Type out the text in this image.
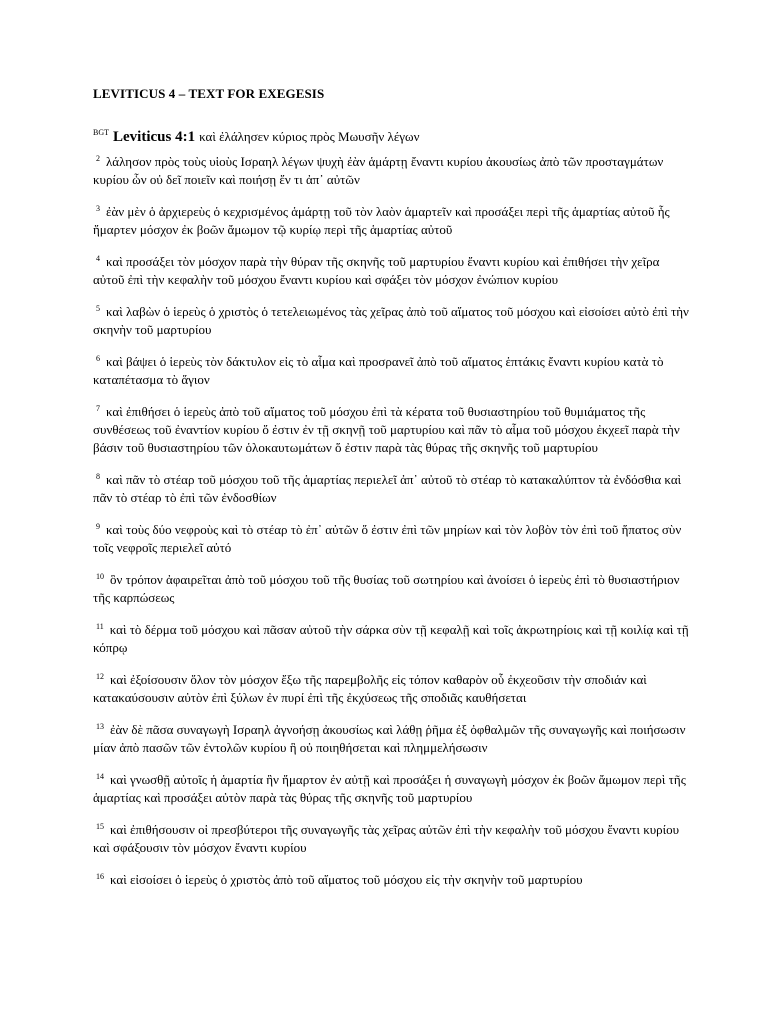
LEVITICUS 4 – TEXT FOR EXEGESIS
$^{BGT}$ Leviticus 4:1 καὶ ἐλάλησεν κύριος πρὸς Μωυσῆν λέγων

$^2$ λάλησον πρὸς τοὺς υἱοὺς Ισραηλ λέγων ψυχὴ ἐὰν ἁμάρτῃ ἔναντι κυρίου ἀκουσίως ἀπὸ τῶν προσταγμάτων κυρίου ὧν οὐ δεῖ ποιεῖν καὶ ποιήσῃ ἕν τι ἀπ᾽ αὐτῶν

$^3$ ἐὰν μὲν ὁ ἀρχιερεὺς ὁ κεχρισμένος ἁμάρτῃ τοῦ τὸν λαὸν ἁμαρτεῖν καὶ προσάξει περὶ τῆς ἁμαρτίας αὐτοῦ ἧς ἥμαρτεν μόσχον ἐκ βοῶν ἄμωμον τῷ κυρίῳ περὶ τῆς ἁμαρτίας αὐτοῦ

$^4$ καὶ προσάξει τὸν μόσχον παρὰ τὴν θύραν τῆς σκηνῆς τοῦ μαρτυρίου ἔναντι κυρίου καὶ ἐπιθήσει τὴν χεῖρα αὐτοῦ ἐπὶ τὴν κεφαλὴν τοῦ μόσχου ἔναντι κυρίου καὶ σφάξει τὸν μόσχον ἐνώπιον κυρίου

$^5$ καὶ λαβὼν ὁ ἱερεὺς ὁ χριστὸς ὁ τετελειωμένος τὰς χεῖρας ἀπὸ τοῦ αἵματος τοῦ μόσχου καὶ εἰσοίσει αὐτὸ ἐπὶ τὴν σκηνὴν τοῦ μαρτυρίου

$^6$ καὶ βάψει ὁ ἱερεὺς τὸν δάκτυλον εἰς τὸ αἷμα καὶ προσρανεῖ ἀπὸ τοῦ αἵματος ἑπτάκις ἔναντι κυρίου κατὰ τὸ καταπέτασμα τὸ ἅγιον

$^7$ καὶ ἐπιθήσει ὁ ἱερεὺς ἀπὸ τοῦ αἵματος τοῦ μόσχου ἐπὶ τὰ κέρατα τοῦ θυσιαστηρίου τοῦ θυμιάματος τῆς συνθέσεως τοῦ ἐναντίον κυρίου ὅ ἐστιν ἐν τῇ σκηνῇ τοῦ μαρτυρίου καὶ πᾶν τὸ αἷμα τοῦ μόσχου ἐκχεεῖ παρὰ τὴν βάσιν τοῦ θυσιαστηρίου τῶν ὁλοκαυτωμάτων ὅ ἐστιν παρὰ τὰς θύρας τῆς σκηνῆς τοῦ μαρτυρίου

$^8$ καὶ πᾶν τὸ στέαρ τοῦ μόσχου τοῦ τῆς ἁμαρτίας περιελεῖ ἀπ᾽ αὐτοῦ τὸ στέαρ τὸ κατακαλύπτον τὰ ἐνδόσθια καὶ πᾶν τὸ στέαρ τὸ ἐπὶ τῶν ἐνδοσθίων

$^9$ καὶ τοὺς δύο νεφροὺς καὶ τὸ στέαρ τὸ ἐπ᾽ αὐτῶν ὅ ἐστιν ἐπὶ τῶν μηρίων καὶ τὸν λοβὸν τὸν ἐπὶ τοῦ ἥπατος σὺν τοῖς νεφροῖς περιελεῖ αὐτό

$^{10}$ ὃν τρόπον ἀφαιρεῖται ἀπὸ τοῦ μόσχου τοῦ τῆς θυσίας τοῦ σωτηρίου καὶ ἀνοίσει ὁ ἱερεὺς ἐπὶ τὸ θυσιαστήριον τῆς καρπώσεως

$^{11}$ καὶ τὸ δέρμα τοῦ μόσχου καὶ πᾶσαν αὐτοῦ τὴν σάρκα σὺν τῇ κεφαλῇ καὶ τοῖς ἀκρωτηρίοις καὶ τῇ κοιλίᾳ καὶ τῇ κόπρῳ

$^{12}$ καὶ ἐξοίσουσιν ὅλον τὸν μόσχον ἔξω τῆς παρεμβολῆς εἰς τόπον καθαρὸν οὗ ἐκχεοῦσιν τὴν σποδιάν καὶ κατακαύσουσιν αὐτὸν ἐπὶ ξύλων ἐν πυρί ἐπὶ τῆς ἐκχύσεως τῆς σποδιᾶς καυθήσεται

$^{13}$ ἐὰν δὲ πᾶσα συναγωγὴ Ισραηλ ἀγνοήσῃ ἀκουσίως καὶ λάθῃ ῥῆμα ἐξ ὀφθαλμῶν τῆς συναγωγῆς καὶ ποιήσωσιν μίαν ἀπὸ πασῶν τῶν ἐντολῶν κυρίου ἣ οὐ ποιηθήσεται καὶ πλημμελήσωσιν

$^{14}$ καὶ γνωσθῇ αὐτοῖς ἡ ἁμαρτία ἣν ἥμαρτον ἐν αὐτῇ καὶ προσάξει ἡ συναγωγὴ μόσχον ἐκ βοῶν ἄμωμον περὶ τῆς ἁμαρτίας καὶ προσάξει αὐτὸν παρὰ τὰς θύρας τῆς σκηνῆς τοῦ μαρτυρίου

$^{15}$ καὶ ἐπιθήσουσιν οἱ πρεσβύτεροι τῆς συναγωγῆς τὰς χεῖρας αὐτῶν ἐπὶ τὴν κεφαλὴν τοῦ μόσχου ἔναντι κυρίου καὶ σφάξουσιν τὸν μόσχον ἔναντι κυρίου

$^{16}$ καὶ εἰσοίσει ὁ ἱερεὺς ὁ χριστὸς ἀπὸ τοῦ αἵματος τοῦ μόσχου εἰς τὴν σκηνὴν τοῦ μαρτυρίου
